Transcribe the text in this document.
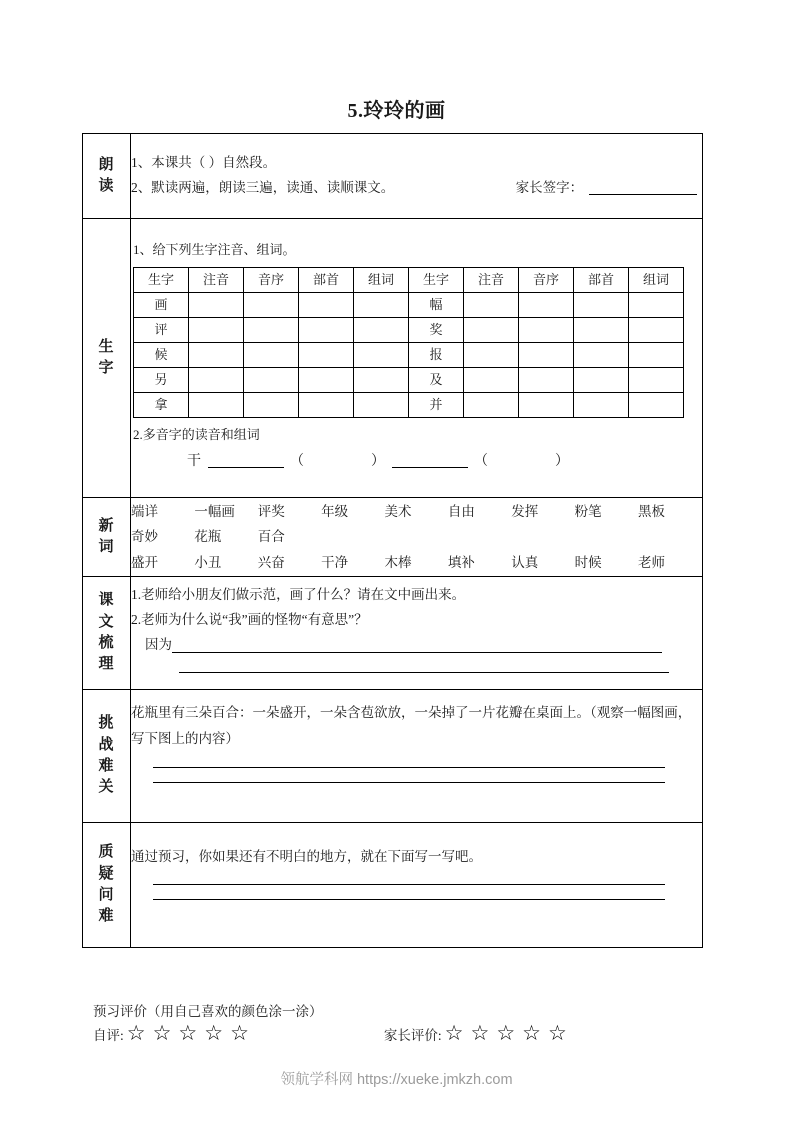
5.玲玲的画
朗
读

1、本课共（ ）自然段。
2、默读两遍，朗读三遍，读通、读顺课文。	家长签字：

生
字

1、给下列生字注音、组词。
生字	注音	音序	部首	组词	生字	注音	音序	部首	组词
画					幅				
评					奖				
候					报				
另					及				
拿					并				
2.多音字的读音和组词
干	（	）	（	）

新
词

端详	一幅画	评奖	年级	美术	自由	发挥	粉笔	黑板
奇妙	花瓶	百合
盛开	小丑	兴奋	干净	木棒	填补	认真	时候	老师

课
文
梳
理

1.老师给小朋友们做示范，画了什么？请在文中画出来。
2.老师为什么说“我”画的怪物“有意思”？
因为

挑
战
难
关

花瓶里有三朵百合：一朵盛开，一朵含苞欲放，一朵掉了一片花瓣在桌面上。（观察一幅图画，写下图上的内容）

质
疑
问
难

通过预习，你如果还有不明白的地方，就在下面写一写吧。
预习评价（用自己喜欢的颜色涂一涂）
自评: ☆ ☆ ☆ ☆ ☆	家长评价: ☆ ☆ ☆ ☆ ☆
领航学科网 https://xueke.jmkzh.com
